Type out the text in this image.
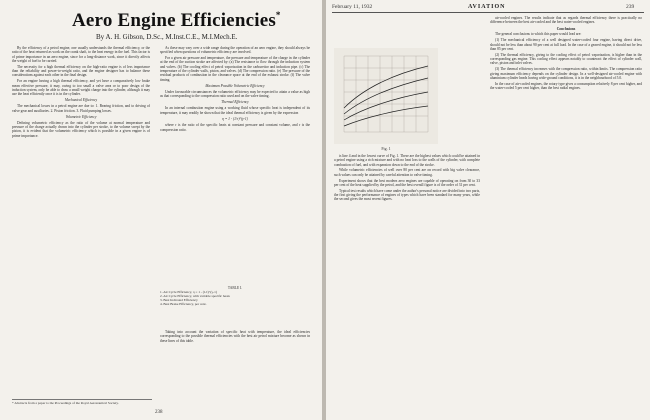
Aero Engine Efficiencies*
By A. H. Gibson, D.Sc., M.Inst.C.E., M.I.Mech.E.

By the efficiency of a petrol engine, one usually understands the thermal efficiency, or the ratio of the heat returned as work on the crank shaft, to the heat energy in the fuel. This factor is of prime importance in an aero engine, since for a long-distance work, since it directly affects the weight of fuel to be carried.

The necessity for a high thermal efficiency on the high-ratio engine is of less importance than the reliability and power-to-weight ratio, and the engine designer has to balance these considerations against each other in the final design.

For an engine having a high thermal efficiency, and yet have a comparatively low brake mean effective pressure, it may, owing to too small a valve area or to poor design of the induction system, only be able to draw a small weight charge into the cylinder, although it may use the heat efficiently once it is in the cylinder.

Mechanical Efficiency

The mechanical losses in a petrol engine are due to: 1. Bearing friction, and to driving of valve gear and auxiliaries. 2. Piston friction. 3. Fluid pumping losses.

Volumetric Efficiency

Defining volumetric efficiency as the ratio of the volume at normal temperature and pressure of the charge actually drawn into the cylinder per stroke, to the volume swept by the piston, it is evident that the volumetric efficiency which is possible in a given engine is of prime importance.

As these may vary over a wide range during the operation of an aero engine, they should always be specified when questions of volumetric efficiency are involved.

For a given air pressure and temperature, the pressure and temperature of the charge in the cylinder at the end of the suction stroke are affected by: (a) The resistance to flow through the induction system and valves. (b) The cooling effect of petrol vaporisation in the carburettor and induction pipe. (c) The temperature of the cylinder walls, piston, and valves. (d) The compression ratio. (e) The pressure of the residual products of combustion in the clearance space at the end of the exhaust stroke. (f) The valve timing.

Maximum Possible Volumetric Efficiency

Under favourable circumstances the volumetric efficiency may be expected to attain a value as high as that corresponding to the compression ratio used and on the valve timing.

Thermal Efficiency

In an internal combustion engine using a working fluid whose specific heat is independent of its temperature, it may readily be shown that the ideal thermal efficiency is given by the expression

η = 1 - (1/r)^(γ-1)

where r is the ratio of the specific heats at constant pressure and constant volume, and r is the compression ratio.

TABLE I.
1. Air Cycle Efficiency, η = 1 - (1/r)^(γ-1)
2. Air Cycle Efficiency, with variable specific heats
3. Best Indicated Efficiency
4. Best Brake Efficiency, per cent.

Taking into account the variation of specific heat with temperature, the ideal efficiencies corresponding to the possible thermal efficiencies with the best air petrol mixture become as shown in these lines of this table.

* Abstracts from a paper to the Proceedings of the Royal Aeronautical Society.
238
February 11, 1932	AVIATION	239
Fig. 1

is line 4 and in the lowest curve of Fig. 1. These are the highest values which could be attained in a petrol engine using a rich mixture and with no heat loss to the walls of the cylinder, with complete combustion of fuel, and with expansion down to the end of the stroke.

While volumetric efficiencies of well over 80 per cent are on record with big valve clearance, such values can only be attained by careful attention to valve timing.

Experiment shows that the best modern aero engines are capable of operating on from 30 to 33 per cent of the heat supplied by the petrol, and the best overall figure is of the order of 31 per cent.

Typical test results which have come under the author's personal notice are divided into two parts, the first giving the performance of engines of types which have been standard for many years, while the second gives the most recent figures.

air-cooled engines. The results indicate that as regards thermal efficiency there is practically no difference between the best air-cooled and the best water-cooled engines.

Conclusions

The general conclusions to which this paper would lead are:

(1) The mechanical efficiency of a well designed water-cooled four engine, having direct drive, should not be less than about 90 per cent at full load. In the case of a geared engine, it should not be less than 85 per cent.

(2) The thermal efficiency, giving to the cooling effect of petrol vaporization, is higher than in the corresponding gas engine. This cooling effect appears notably to counteract the effect of cylinder wall, valve, piston and inlet valves.

(3) The thermal efficiency increases with the compression ratio, within limits. The compression ratio giving maximum efficiency depends on the cylinder design. In a well-designed air-cooled engine with aluminium cylinder heads having wide-ground conditions, it is in the neighbourhood of 5.0.

In the case of air-cooled engines, the rotary type gives a consumption relatively 8 per cent higher, and the water-cooled 5 per cent higher, than the best radial engines.
